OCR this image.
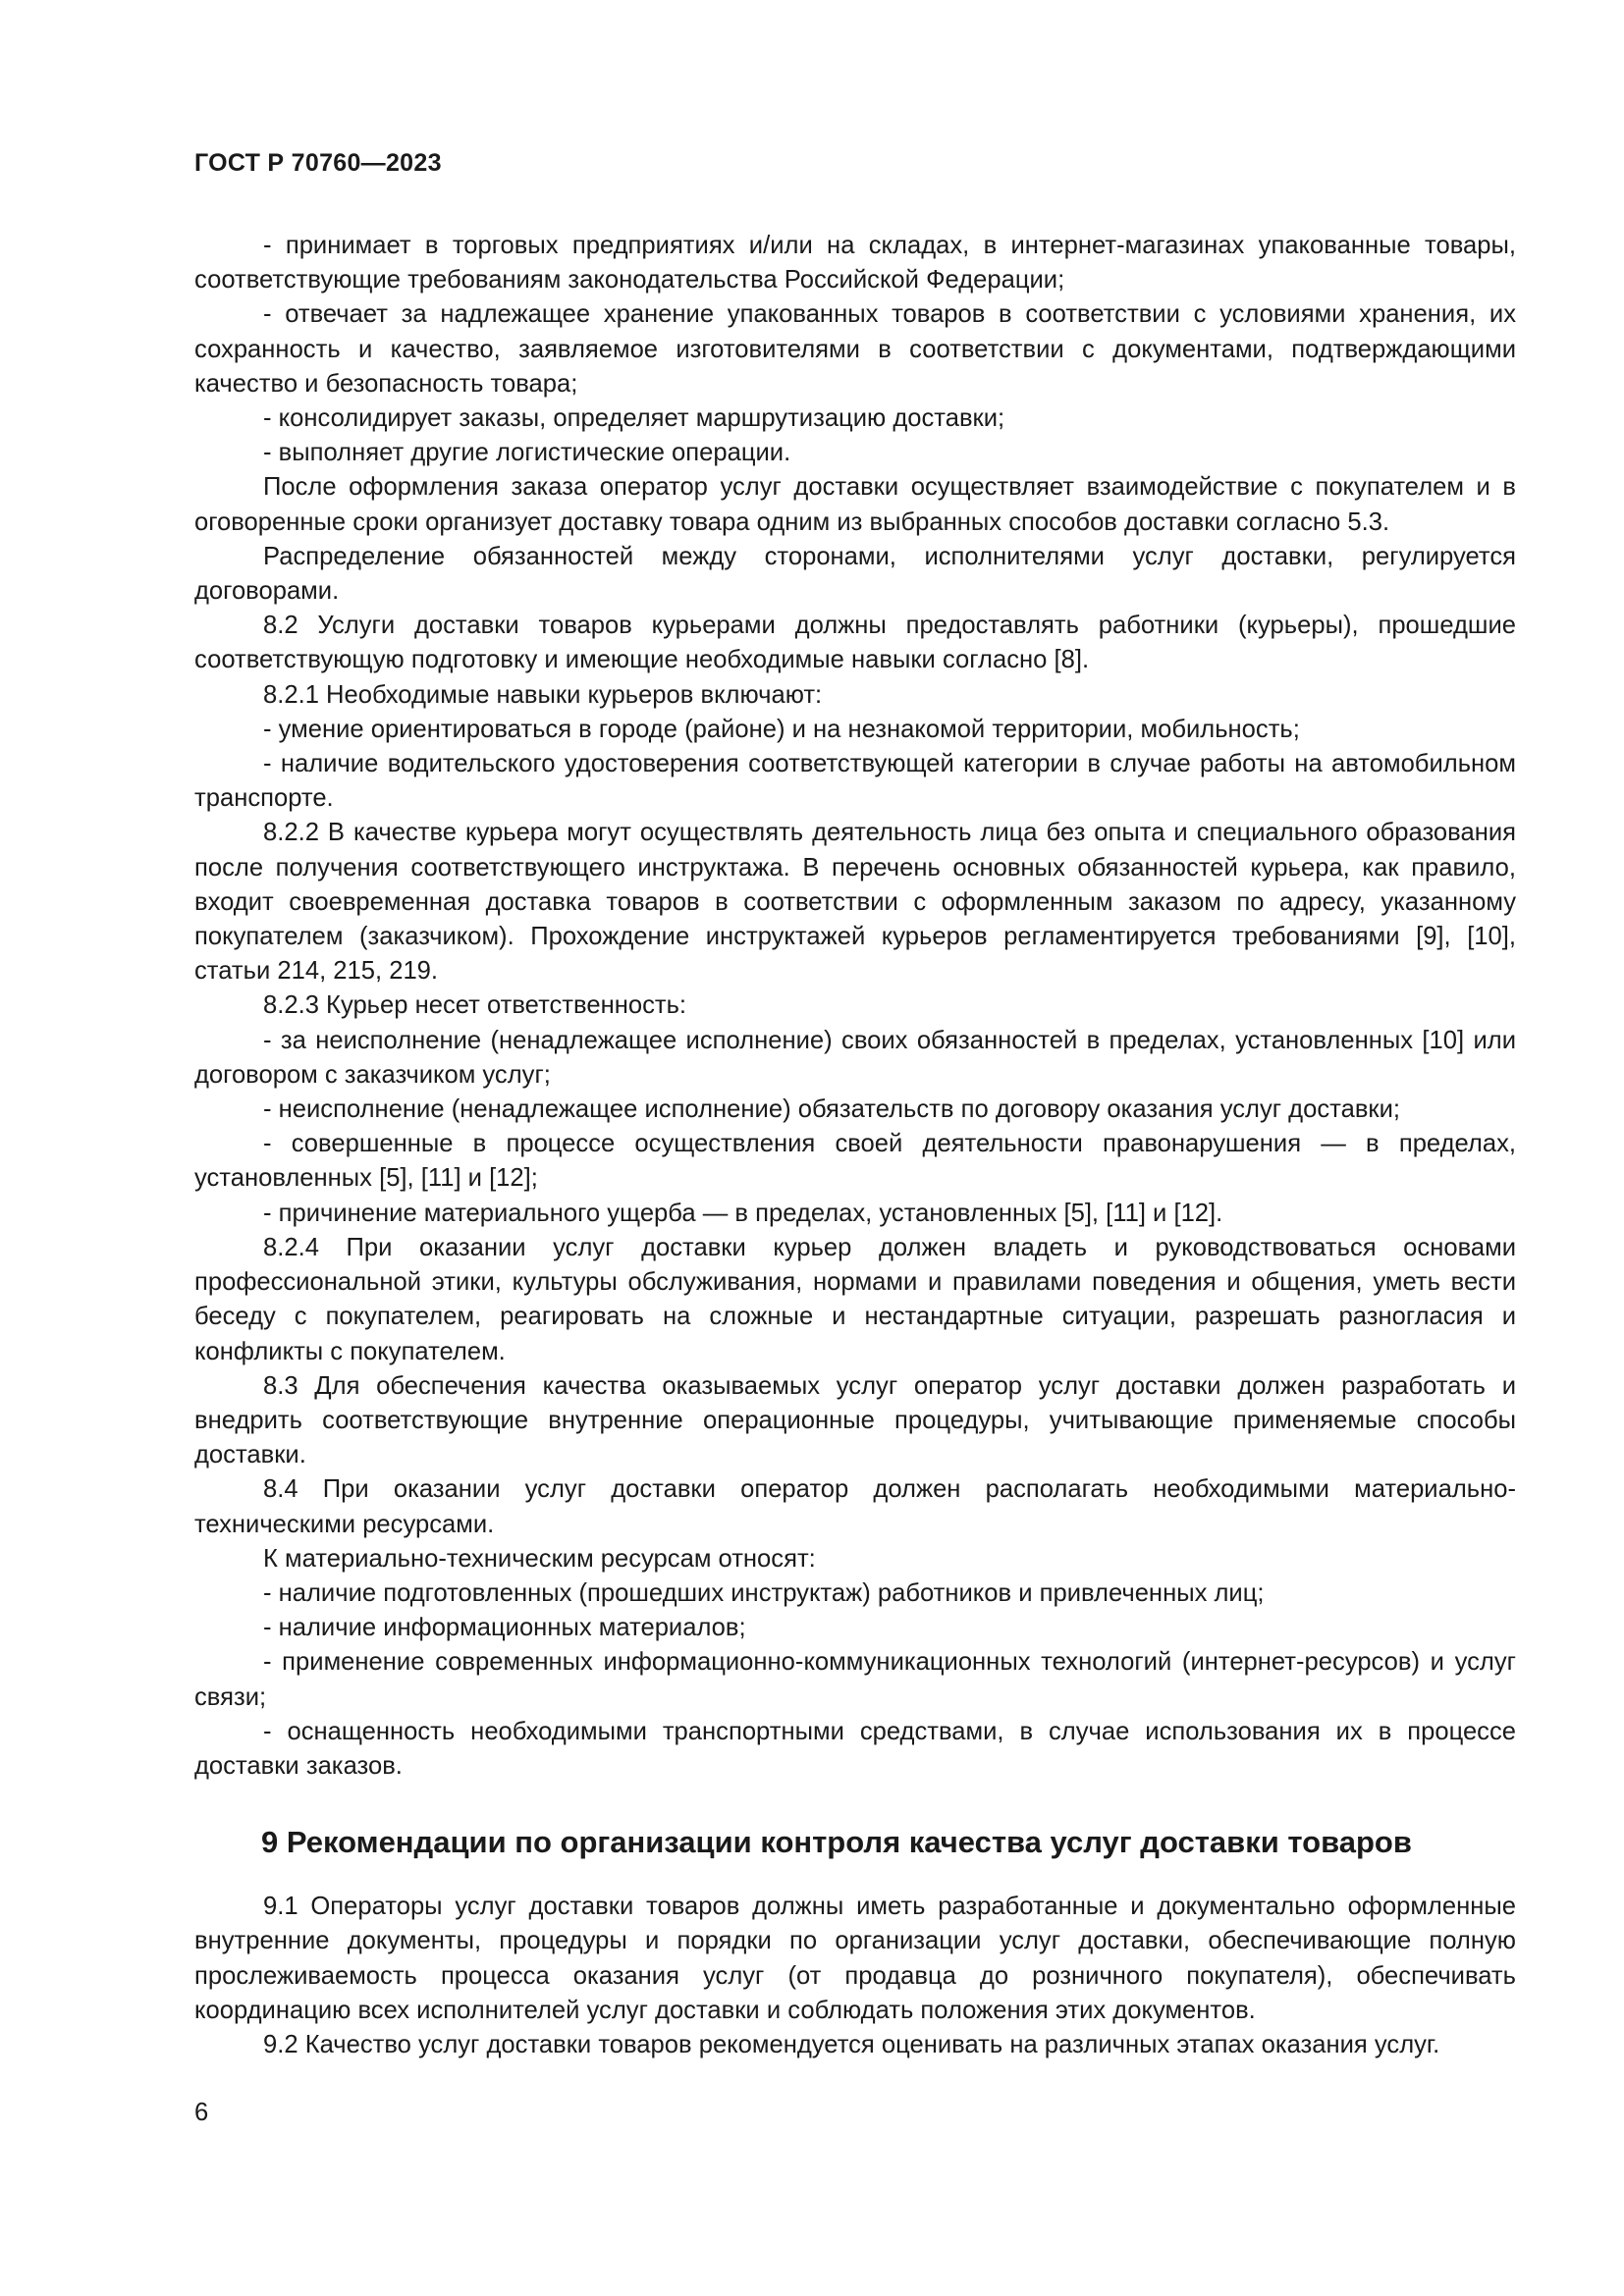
ГОСТ Р 70760—2023

- принимает в торговых предприятиях и/или на складах, в интернет-магазинах упакованные товары, соответствующие требованиям законодательства Российской Федерации;

- отвечает за надлежащее хранение упакованных товаров в соответствии с условиями хранения, их сохранность и качество, заявляемое изготовителями в соответствии с документами, подтверждающими качество и безопасность товара;

- консолидирует заказы, определяет маршрутизацию доставки;

- выполняет другие логистические операции.

После оформления заказа оператор услуг доставки осуществляет взаимодействие с покупателем и в оговоренные сроки организует доставку товара одним из выбранных способов доставки согласно 5.3.

Распределение обязанностей между сторонами, исполнителями услуг доставки, регулируется договорами.

8.2 Услуги доставки товаров курьерами должны предоставлять работники (курьеры), прошедшие соответствующую подготовку и имеющие необходимые навыки согласно [8].

8.2.1 Необходимые навыки курьеров включают:

- умение ориентироваться в городе (районе) и на незнакомой территории, мобильность;

- наличие водительского удостоверения соответствующей категории в случае работы на автомобильном транспорте.

8.2.2 В качестве курьера могут осуществлять деятельность лица без опыта и специального образования после получения соответствующего инструктажа. В перечень основных обязанностей курьера, как правило, входит своевременная доставка товаров в соответствии с оформленным заказом по адресу, указанному покупателем (заказчиком). Прохождение инструктажей курьеров регламентируется требованиями [9], [10], статьи 214, 215, 219.

8.2.3 Курьер несет ответственность:

- за неисполнение (ненадлежащее исполнение) своих обязанностей в пределах, установленных [10] или договором с заказчиком услуг;

- неисполнение (ненадлежащее исполнение) обязательств по договору оказания услуг доставки;

- совершенные в процессе осуществления своей деятельности правонарушения — в пределах, установленных [5], [11] и [12];

- причинение материального ущерба — в пределах, установленных [5], [11] и [12].

8.2.4 При оказании услуг доставки курьер должен владеть и руководствоваться основами профессиональной этики, культуры обслуживания, нормами и правилами поведения и общения, уметь вести беседу с покупателем, реагировать на сложные и нестандартные ситуации, разрешать разногласия и конфликты с покупателем.

8.3 Для обеспечения качества оказываемых услуг оператор услуг доставки должен разработать и внедрить соответствующие внутренние операционные процедуры, учитывающие применяемые способы доставки.

8.4 При оказании услуг доставки оператор должен располагать необходимыми материально-техническими ресурсами.

К материально-техническим ресурсам относят:

- наличие подготовленных (прошедших инструктаж) работников и привлеченных лиц;

- наличие информационных материалов;

- применение современных информационно-коммуникационных технологий (интернет-ресурсов) и услуг связи;

- оснащенность необходимыми транспортными средствами, в случае использования их в процессе доставки заказов.

9 Рекомендации по организации контроля качества услуг доставки товаров

9.1 Операторы услуг доставки товаров должны иметь разработанные и документально оформленные внутренние документы, процедуры и порядки по организации услуг доставки, обеспечивающие полную прослеживаемость процесса оказания услуг (от продавца до розничного покупателя), обеспечивать координацию всех исполнителей услуг доставки и соблюдать положения этих документов.

9.2 Качество услуг доставки товаров рекомендуется оценивать на различных этапах оказания услуг.

6
